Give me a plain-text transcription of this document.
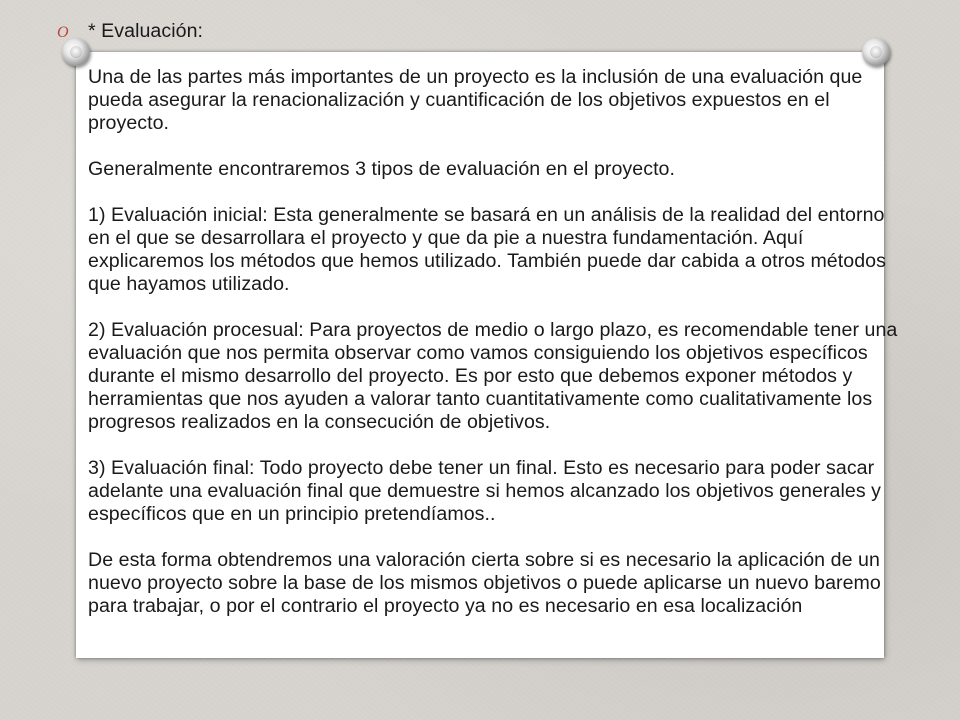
O * Evaluación:

Una de las partes más importantes de un proyecto es la inclusión de una evaluación que pueda asegurar la renacionalización y cuantificación de los objetivos expuestos en el proyecto.

Generalmente encontraremos 3 tipos de evaluación en el proyecto.

1) Evaluación inicial: Esta generalmente se basará en un análisis de la realidad del entorno en el que se desarrollara el proyecto y que da pie a nuestra fundamentación. Aquí explicaremos los métodos que hemos utilizado. También puede dar cabida a otros métodos que hayamos utilizado.

2) Evaluación procesual: Para proyectos de medio o largo plazo, es recomendable tener una evaluación que nos permita observar como vamos consiguiendo los objetivos específicos durante el mismo desarrollo del proyecto. Es por esto que debemos exponer métodos y herramientas que nos ayuden a valorar tanto cuantitativamente como cualitativamente los progresos realizados en la consecución de objetivos.

3) Evaluación final: Todo proyecto debe tener un final. Esto es necesario para poder sacar adelante una evaluación final que demuestre si hemos alcanzado los objetivos generales y específicos que en un principio pretendíamos..

De esta forma obtendremos una valoración cierta sobre si es necesario la aplicación de un nuevo proyecto sobre la base de los mismos objetivos o puede aplicarse un nuevo baremo para trabajar, o por el contrario el proyecto ya no es necesario en esa localización
